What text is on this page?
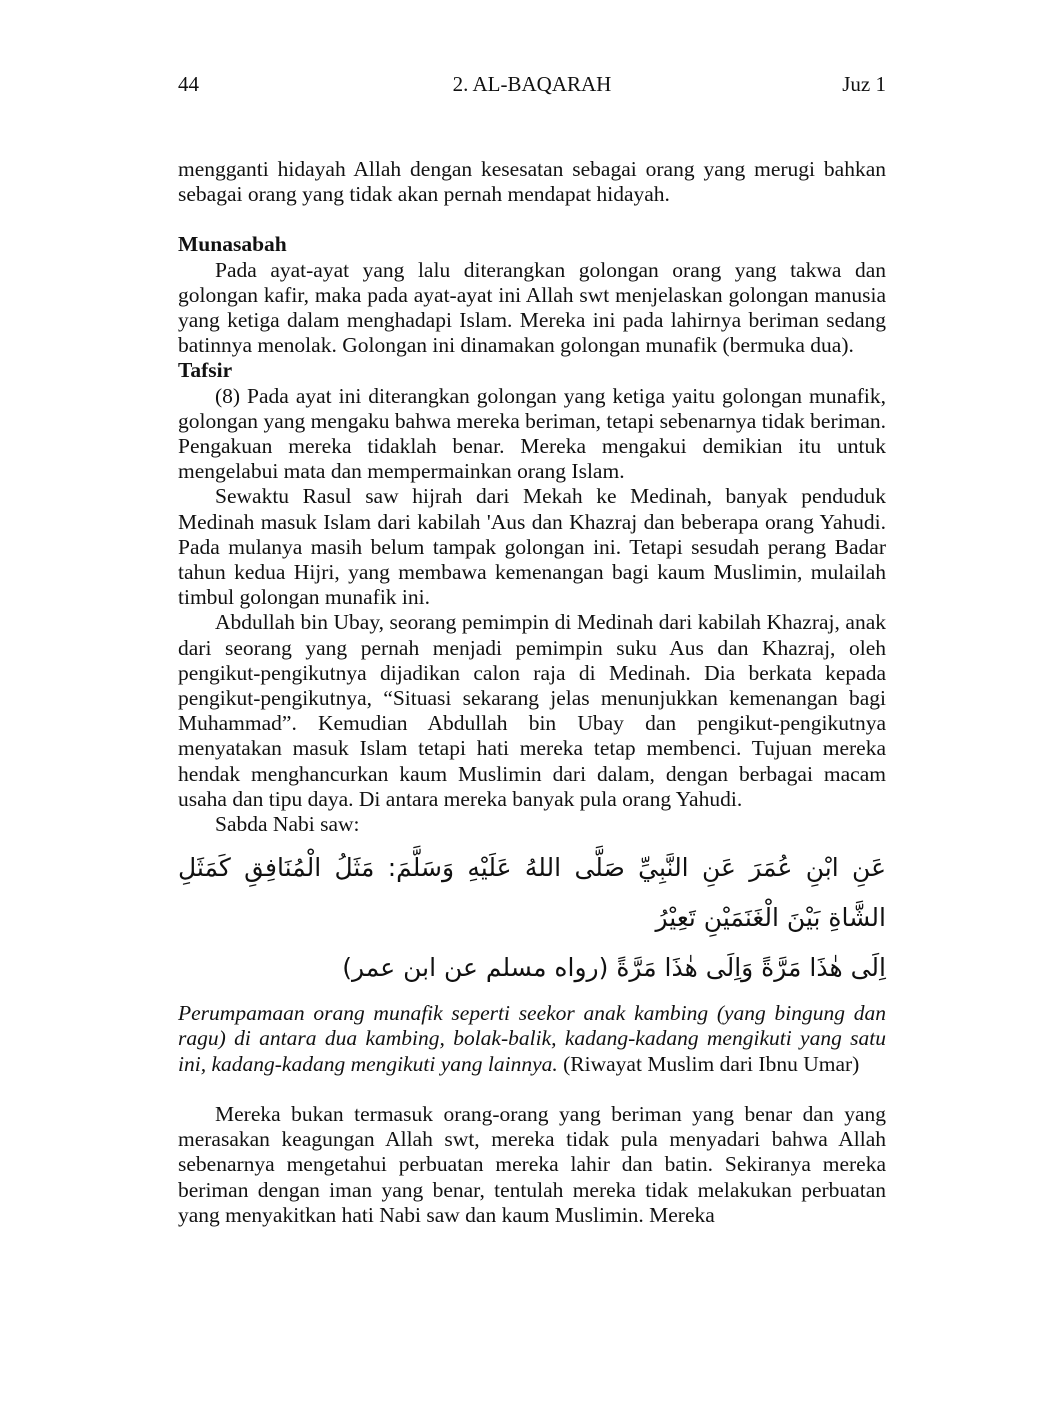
44	2. AL-BAQARAH	Juz 1

mengganti hidayah Allah dengan kesesatan sebagai orang yang merugi bahkan sebagai orang yang tidak akan pernah mendapat hidayah.

Munasabah

Pada ayat-ayat yang lalu diterangkan golongan orang yang takwa dan golongan kafir, maka pada ayat-ayat ini Allah swt menjelaskan golongan manusia yang ketiga dalam menghadapi Islam. Mereka ini pada lahirnya beriman sedang batinnya menolak. Golongan ini dinamakan golongan munafik (bermuka dua).

Tafsir

(8) Pada ayat ini diterangkan golongan yang ketiga yaitu golongan munafik, golongan yang mengaku bahwa mereka beriman, tetapi sebenarnya tidak beriman. Pengakuan mereka tidaklah benar. Mereka mengakui demikian itu untuk mengelabui mata dan mempermainkan orang Islam.

Sewaktu Rasul saw hijrah dari Mekah ke Medinah, banyak penduduk Medinah masuk Islam dari kabilah 'Aus dan Khazraj dan beberapa orang Yahudi. Pada mulanya masih belum tampak golongan ini. Tetapi sesudah perang Badar tahun kedua Hijri, yang membawa kemenangan bagi kaum Muslimin, mulailah timbul golongan munafik ini.

Abdullah bin Ubay, seorang pemimpin di Medinah dari kabilah Khazraj, anak dari seorang yang pernah menjadi pemimpin suku Aus dan Khazraj, oleh pengikut-pengikutnya dijadikan calon raja di Medinah. Dia berkata kepada pengikut-pengikutnya, “Situasi sekarang jelas menunjukkan kemenangan bagi Muhammad”. Kemudian Abdullah bin Ubay dan pengikut-pengikutnya menyatakan masuk Islam tetapi hati mereka tetap membenci. Tujuan mereka hendak menghancurkan kaum Muslimin dari dalam, dengan berbagai macam usaha dan tipu daya. Di antara mereka banyak pula orang Yahudi.

Sabda Nabi saw:

عَنِ ابْنِ عُمَرَ عَنِ النَّبِيِّ صَلَّى اللهُ عَلَيْهِ وَسَلَّمَ: مَثَلُ الْمُنَافِقِ كَمَثَلِ الشَّاةِ بَيْنَ الْغَنَمَيْنِ تَعِيْرُ
اِلَى هٰذَا مَرَّةً وَاِلَى هٰذَا مَرَّةً (رواه مسلم عن ابن عمر)

Perumpamaan orang munafik seperti seekor anak kambing (yang bingung dan ragu) di antara dua kambing, bolak-balik, kadang-kadang mengikuti yang satu ini, kadang-kadang mengikuti yang lainnya. (Riwayat Muslim dari Ibnu Umar)

Mereka bukan termasuk orang-orang yang beriman yang benar dan yang merasakan keagungan Allah swt, mereka tidak pula menyadari bahwa Allah sebenarnya mengetahui perbuatan mereka lahir dan batin. Sekiranya mereka beriman dengan iman yang benar, tentulah mereka tidak melakukan perbuatan yang menyakitkan hati Nabi saw dan kaum Muslimin. Mereka
